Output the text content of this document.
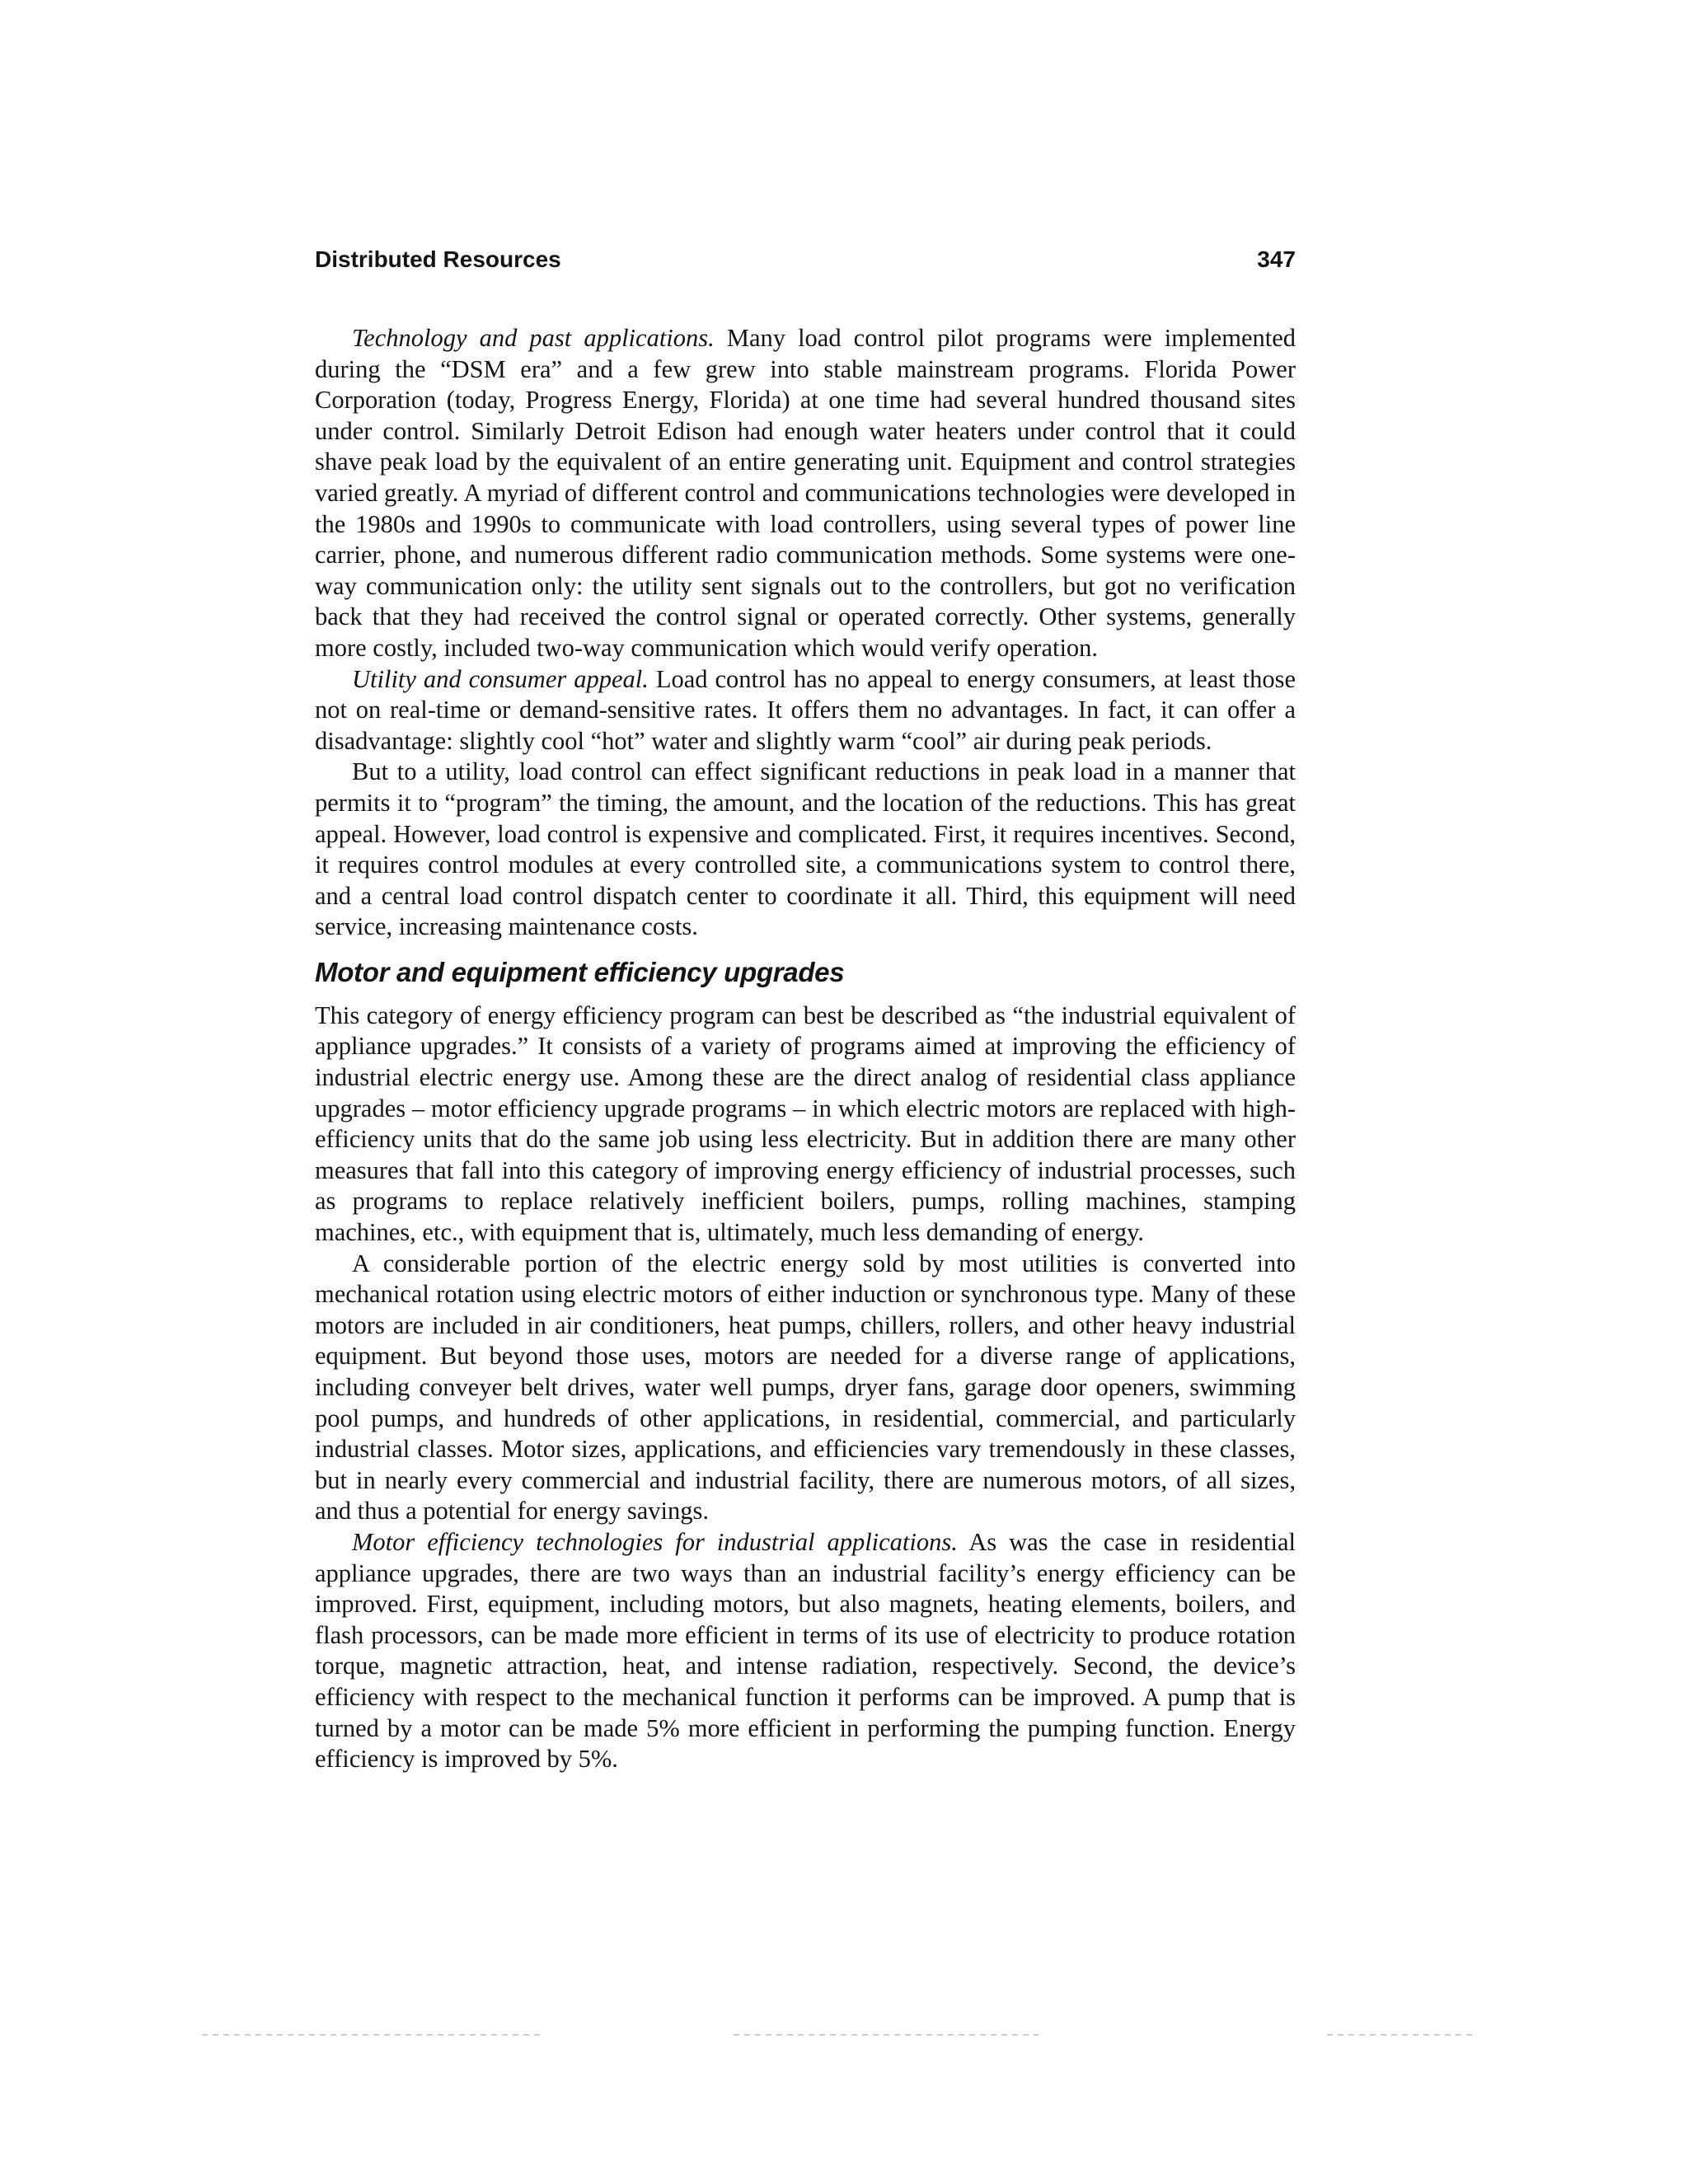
Distributed Resources	347

Technology and past applications. Many load control pilot programs were implemented during the “DSM era” and a few grew into stable mainstream programs. Florida Power Corporation (today, Progress Energy, Florida) at one time had several hundred thousand sites under control. Similarly Detroit Edison had enough water heaters under control that it could shave peak load by the equivalent of an entire generating unit. Equipment and control strategies varied greatly. A myriad of different control and communications technologies were developed in the 1980s and 1990s to communicate with load controllers, using several types of power line carrier, phone, and numerous different radio communication methods. Some systems were one-way communication only: the utility sent signals out to the controllers, but got no verification back that they had received the control signal or operated correctly. Other systems, generally more costly, included two-way communication which would verify operation.

Utility and consumer appeal. Load control has no appeal to energy consumers, at least those not on real-time or demand-sensitive rates. It offers them no advantages. In fact, it can offer a disadvantage: slightly cool “hot” water and slightly warm “cool” air during peak periods.

But to a utility, load control can effect significant reductions in peak load in a manner that permits it to “program” the timing, the amount, and the location of the reductions. This has great appeal. However, load control is expensive and complicated. First, it requires incentives. Second, it requires control modules at every controlled site, a communications system to control there, and a central load control dispatch center to coordinate it all. Third, this equipment will need service, increasing maintenance costs.

Motor and equipment efficiency upgrades

This category of energy efficiency program can best be described as “the industrial equivalent of appliance upgrades.” It consists of a variety of programs aimed at improving the efficiency of industrial electric energy use. Among these are the direct analog of residential class appliance upgrades – motor efficiency upgrade programs – in which electric motors are replaced with high-efficiency units that do the same job using less electricity. But in addition there are many other measures that fall into this category of improving energy efficiency of industrial processes, such as programs to replace relatively inefficient boilers, pumps, rolling machines, stamping machines, etc., with equipment that is, ultimately, much less demanding of energy.

A considerable portion of the electric energy sold by most utilities is converted into mechanical rotation using electric motors of either induction or synchronous type. Many of these motors are included in air conditioners, heat pumps, chillers, rollers, and other heavy industrial equipment. But beyond those uses, motors are needed for a diverse range of applications, including conveyer belt drives, water well pumps, dryer fans, garage door openers, swimming pool pumps, and hundreds of other applications, in residential, commercial, and particularly industrial classes. Motor sizes, applications, and efficiencies vary tremendously in these classes, but in nearly every commercial and industrial facility, there are numerous motors, of all sizes, and thus a potential for energy savings.

Motor efficiency technologies for industrial applications. As was the case in residential appliance upgrades, there are two ways than an industrial facility’s energy efficiency can be improved. First, equipment, including motors, but also magnets, heating elements, boilers, and flash processors, can be made more efficient in terms of its use of electricity to produce rotation torque, magnetic attraction, heat, and intense radiation, respectively. Second, the device’s efficiency with respect to the mechanical function it performs can be improved. A pump that is turned by a motor can be made 5% more efficient in performing the pumping function. Energy efficiency is improved by 5%.
